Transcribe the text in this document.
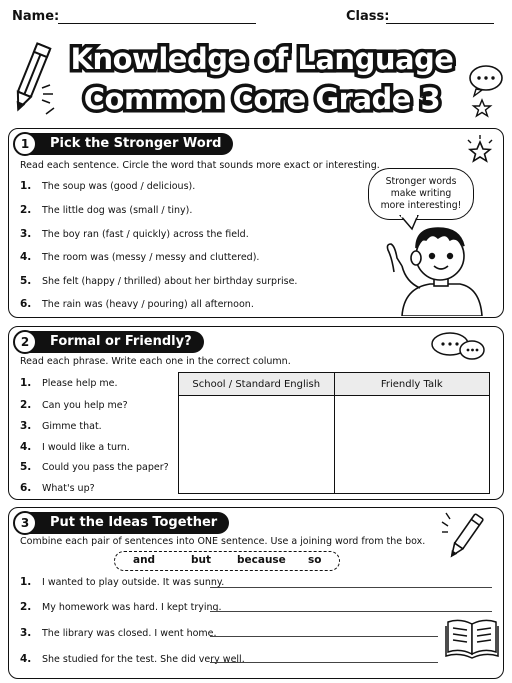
Name:	Class:
Knowledge of Language
Common Core Grade 3
Pick the Stronger Word
1
Read each sentence. Circle the word that sounds more exact or interesting.
1. The soup was (good / delicious).
2. The little dog was (small / tiny).
3. The boy ran (fast / quickly) across the field.
4. The room was (messy / messy and cluttered).
5. She felt (happy / thrilled) about her birthday surprise.
6. The rain was (heavy / pouring) all afternoon.
Stronger words
make writing
more interesting!
Formal or Friendly?
2
Read each phrase. Write each one in the correct column.
1. Please help me.
2. Can you help me?
3. Gimme that.
4. I would like a turn.
5. Could you pass the paper?
6. What's up?
School / Standard English	Friendly Talk

Put the Ideas Together
3
Combine each pair of sentences into ONE sentence. Use a joining word from the box.
and	but because so
1. I wanted to play outside. It was sunny.
2. My homework was hard. I kept trying.
3. The library was closed. I went home.
4. She studied for the test. She did very well.
